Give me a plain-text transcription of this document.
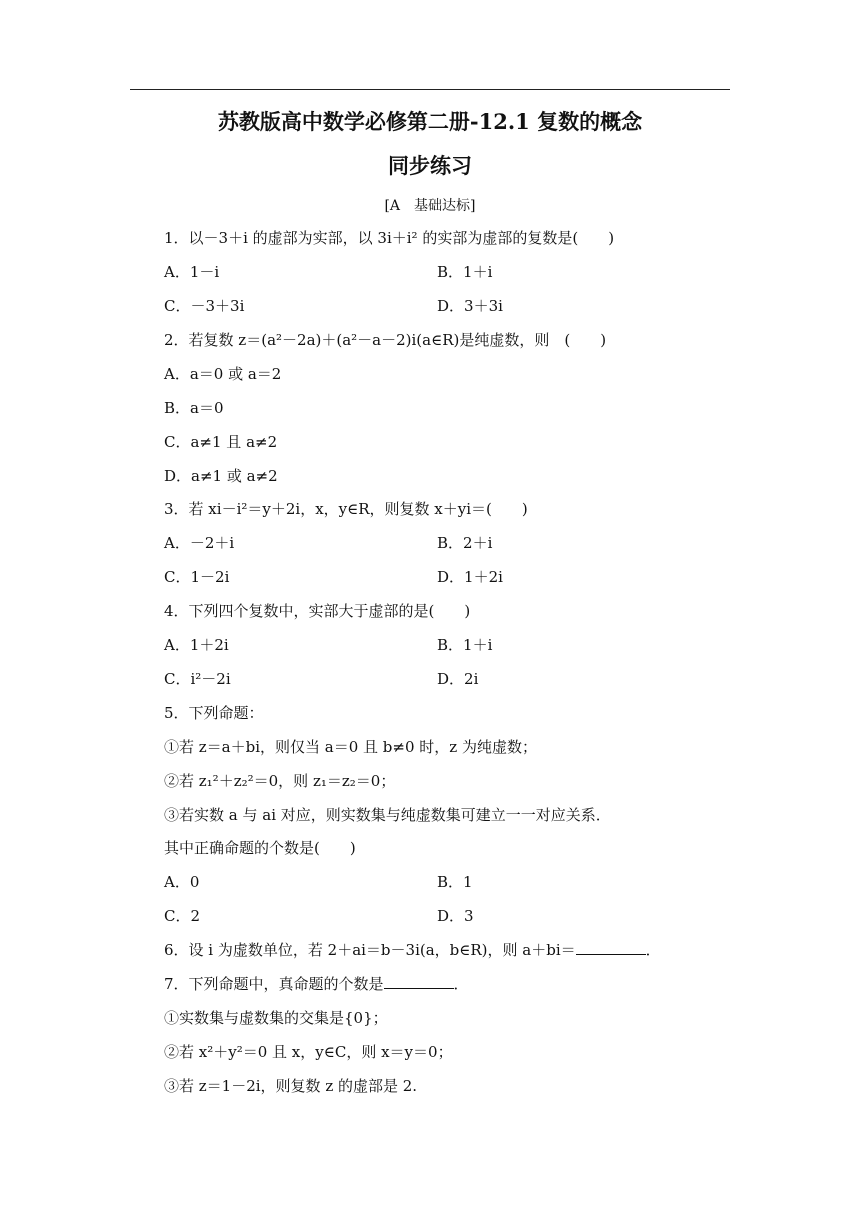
苏教版高中数学必修第二册-12.1 复数的概念
同步练习
[A　基础达标]
1．以－3＋i 的虚部为实部，以 3i＋i² 的实部为虚部的复数是(　　)
A．1－i	B．1＋i
C．－3＋3i	D．3＋3i
2．若复数 z＝(a²－2a)＋(a²－a－2)i(a∈R)是纯虚数，则　(　　)
A．a＝0 或 a＝2
B．a＝0
C．a≠1 且 a≠2
D．a≠1 或 a≠2
3．若 xi－i²＝y＋2i，x，y∈R，则复数 x＋yi＝(　　)
A．－2＋i	B．2＋i
C．1－2i	D．1＋2i
4．下列四个复数中，实部大于虚部的是(　　)
A．1＋2i	B．1＋i
C．i²－2i	D．2i
5．下列命题：
①若 z＝a＋bi，则仅当 a＝0 且 b≠0 时，z 为纯虚数；
②若 z₁²＋z₂²＝0，则 z₁＝z₂＝0；
③若实数 a 与 ai 对应，则实数集与纯虚数集可建立一一对应关系．
其中正确命题的个数是(　　)
A．0	B．1
C．2	D．3
6．设 i 为虚数单位，若 2＋ai＝b－3i(a，b∈R)，则 a＋bi＝	．
7．下列命题中，真命题的个数是	．
①实数集与虚数集的交集是{0}；
②若 x²＋y²＝0 且 x，y∈C，则 x＝y＝0；
③若 z＝1－2i，则复数 z 的虚部是 2.
